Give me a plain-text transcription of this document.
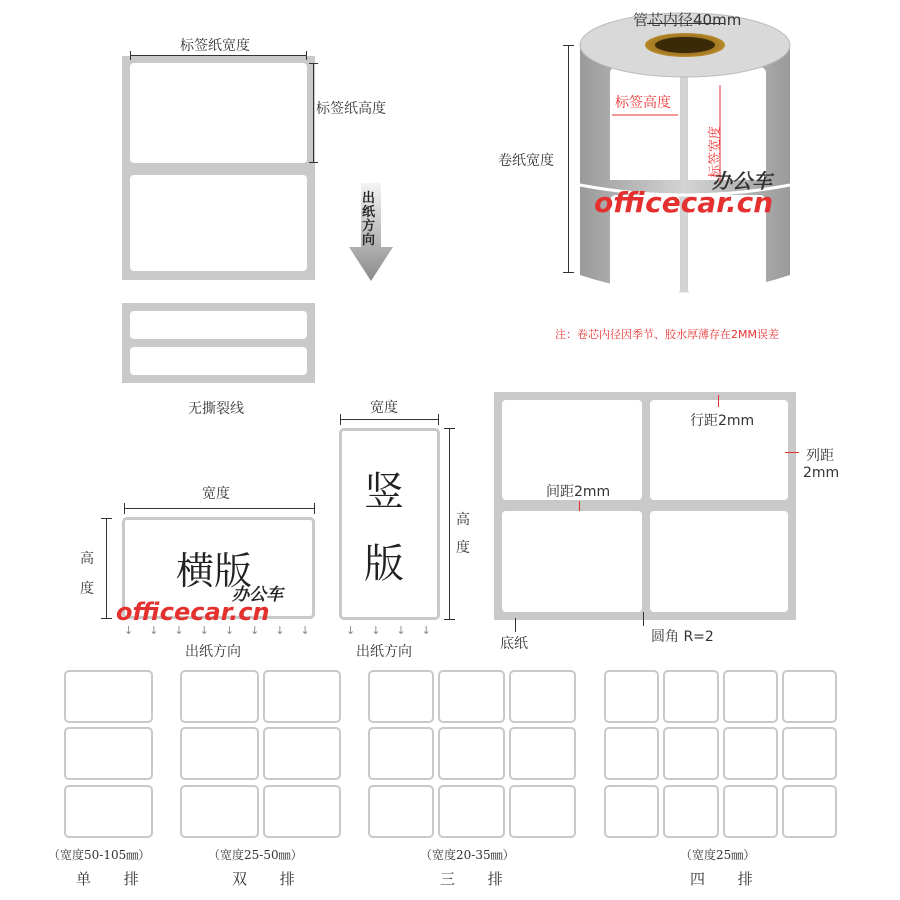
标签纸宽度
标签纸高度
出纸方向
无撕裂线
管芯内径40mm
卷纸宽度
标签高度
标签宽度
办公车
officecar.cn
注：卷芯内径因季节、胶水厚薄存在2MM误差
宽度
高度 横版
办公车
officecar.cn
↓↓↓↓↓↓↓↓
出纸方向
宽度
竖
版
高度
↓↓↓↓
出纸方向
行距2mm
列距
2mm
间距2mm
底纸	圆角 R=2
（宽度50-105㎜）
单 排
（宽度25-50㎜）
双 排
（宽度20-35㎜）
三 排
（宽度25㎜）
四 排
